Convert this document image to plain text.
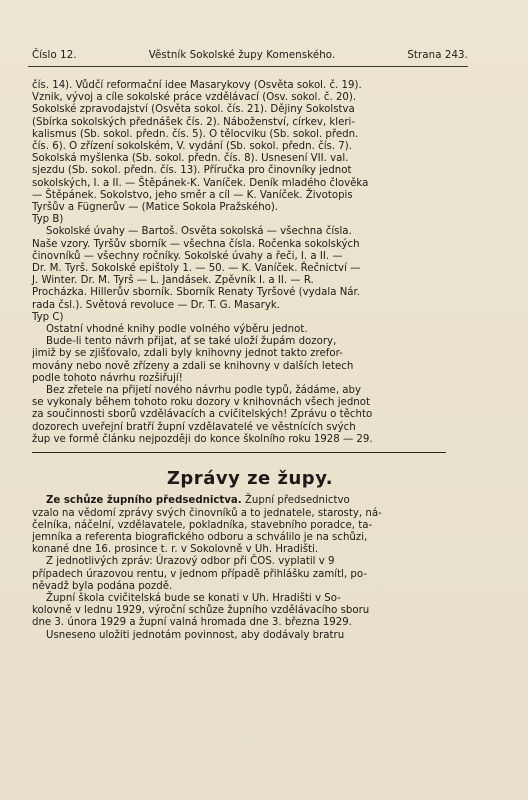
Číslo 12.	Věstník Sokolské župy Komenského.	Strana 243.

čís. 14). Vůdčí reformační idee Masarykovy (Osvěta sokol. č. 19).

Vznik, vývoj a cíle sokolské práce vzdělávací (Osv. sokol. č. 20).

Sokolské zpravodajství (Osvěta sokol. čís. 21). Dějiny Sokolstva

(Sbírka sokolských přednášek čís. 2). Náboženství, církev, kleri-

kalismus (Sb. sokol. předn. čís. 5). O tělocviku (Sb. sokol. předn.

čís. 6). O zřízení sokolském, V. vydání (Sb. sokol. předn. čís. 7).

Sokolská myšlenka (Sb. sokol. předn. čís. 8). Usnesení VII. val.

sjezdu (Sb. sokol. předn. čís. 13). Příručka pro činovníky jednot

sokolských, I. a II. — Štěpánek-K. Vaníček. Deník mladého člověka

— Štěpánek. Sokolstvo, jeho směr a cíl — K. Vaníček. Životopis

Tyršův a Fügnerův — (Matice Sokola Pražského).

Typ B)

Sokolské úvahy — Bartoš. Osvěta sokolská — všechna čísla.

Naše vzory. Tyršův sborník — všechna čísla. Ročenka sokolských

činovníků — všechny ročníky. Sokolské úvahy a řeči, I. a II. —

Dr. M. Tyrš. Sokolské epištoly 1. — 50. — K. Vaníček. Řečnictví —

J. Winter. Dr. M. Tyrš — L. Jandásek. Zpěvník I. a II. — R.

Procházka. Hillerův sborník. Sborník Renaty Tyršové (vydala Nár.

rada čsl.). Světová revoluce — Dr. T. G. Masaryk.

Typ C)

Ostatní vhodné knihy podle volného výběru jednot.

Bude-li tento návrh přijat, ať se také uloží župám dozory,

jimiž by se zjišťovalo, zdali byly knihovny jednot takto zrefor-

movány nebo nově zřízeny a zdali se knihovny v dalších letech

podle tohoto návrhu rozšiřují!

Bez zřetele na přijetí nového návrhu podle typů, žádáme, aby

se vykonaly během tohoto roku dozory v knihovnách všech jednot

za součinnosti sborů vzdělávacích a cvičitelských! Zprávu o těchto

dozorech uveřejní bratří župní vzdělavatelé ve věstnících svých

žup ve formě článku nejpozději do konce školního roku 1928 — 29.

Zprávy ze župy.

Ze schůze župního předsednictva. Župní předsednictvo

vzalo na vědomí zprávy svých činovníků a to jednatele, starosty, ná-

čelníka, náčelní, vzdělavatele, pokladníka, stavebního poradce, ta-

jemníka a referenta biografického odboru a schválilo je na schůzi,

konané dne 16. prosince t. r. v Sokolovně v Uh. Hradišti.

Z jednotlivých zpráv: Úrazový odbor při ČOS. vyplatil v 9

případech úrazovou rentu, v jednom případě přihlášku zamítl, po-

něvadž byla podána pozdě.

Župní škola cvičitelská bude se konati v Uh. Hradišti v So-

kolovně v lednu 1929, výroční schůze župního vzdělávacího sboru

dne 3. února 1929 a župní valná hromada dne 3. března 1929.

Usneseno uložiti jednotám povinnost, aby dodávaly bratru
